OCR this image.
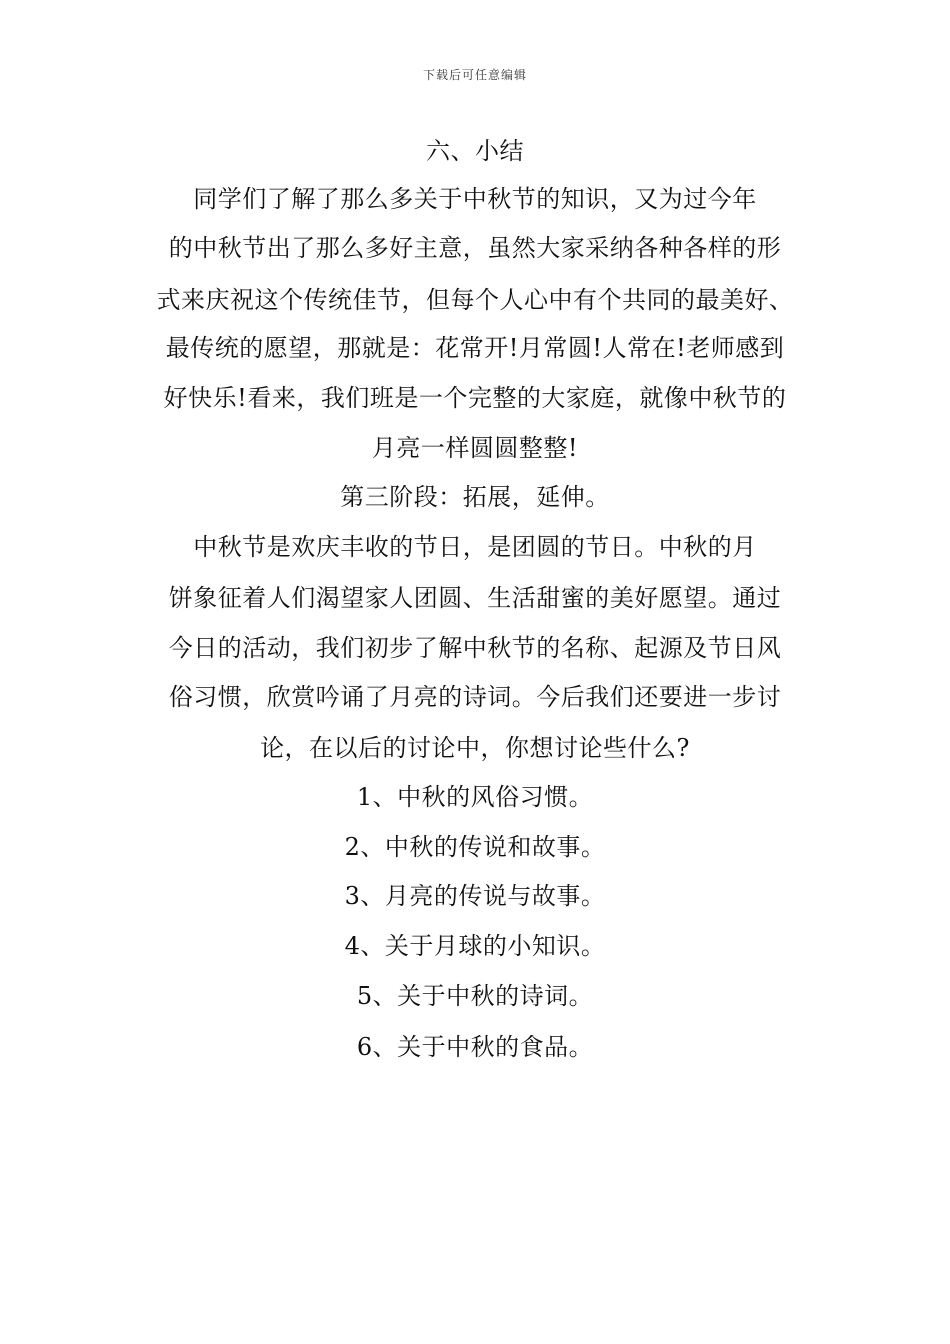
下载后可任意编辑
六、小结
同学们了解了那么多关于中秋节的知识，又为过今年
的中秋节出了那么多好主意，虽然大家采纳各种各样的形
式来庆祝这个传统佳节，但每个人心中有个共同的最美好、
最传统的愿望，那就是：花常开!月常圆!人常在!老师感到
好快乐!看来，我们班是一个完整的大家庭，就像中秋节的
月亮一样圆圆整整!
第三阶段：拓展，延伸。
中秋节是欢庆丰收的节日，是团圆的节日。中秋的月
饼象征着人们渴望家人团圆、生活甜蜜的美好愿望。通过
今日的活动，我们初步了解中秋节的名称、起源及节日风
俗习惯，欣赏吟诵了月亮的诗词。今后我们还要进一步讨
论，在以后的讨论中，你想讨论些什么?
1、中秋的风俗习惯。
2、中秋的传说和故事。
3、月亮的传说与故事。
4、关于月球的小知识。
5、关于中秋的诗词。
6、关于中秋的食品。
